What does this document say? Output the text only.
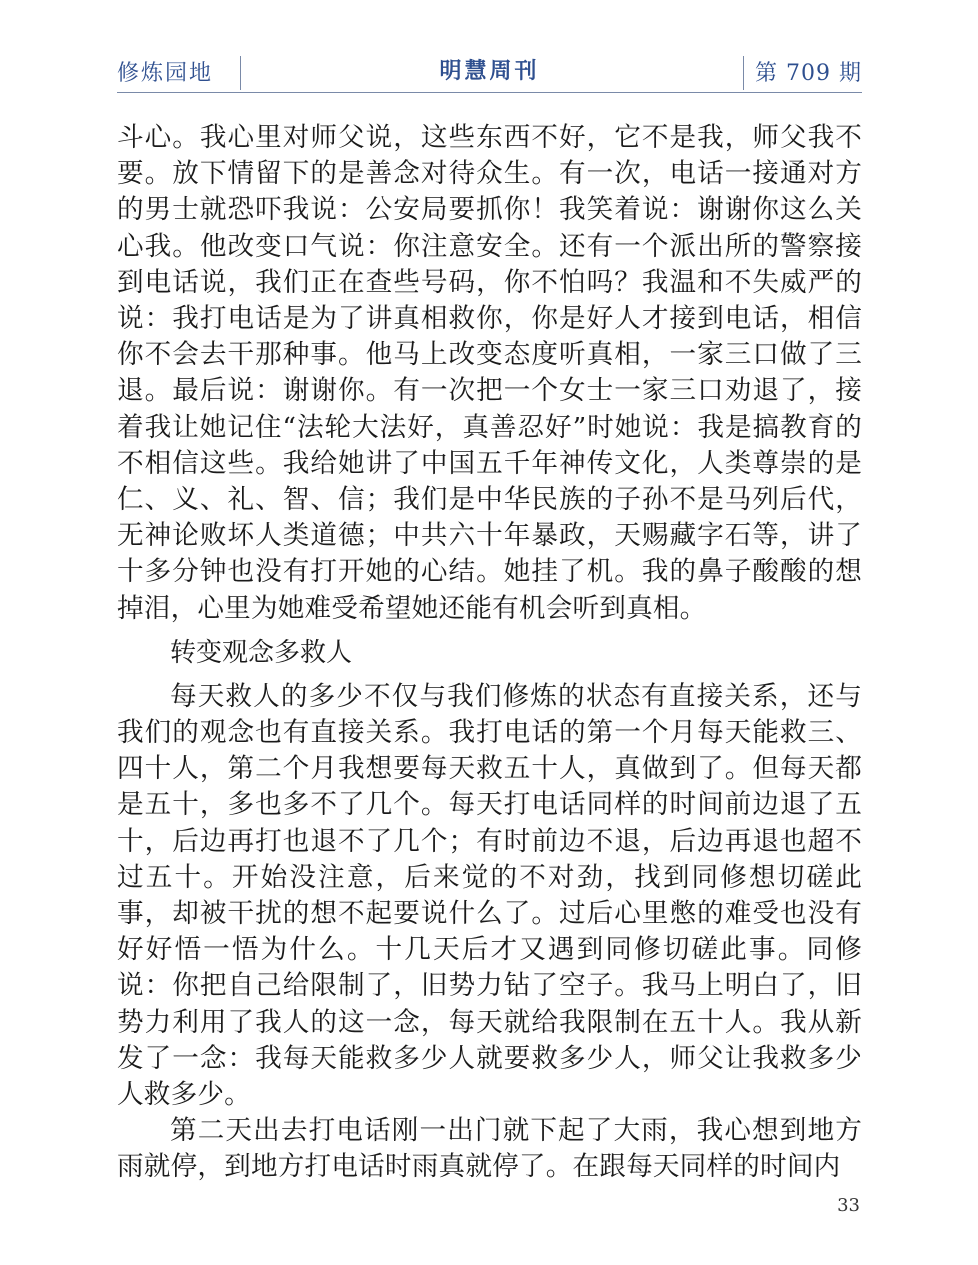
修炼园地	明慧周刊	第 709 期

斗心。我心里对师父说，这些东西不好，它不是我，师父我不要。放下情留下的是善念对待众生。有一次，电话一接通对方的男士就恐吓我说：公安局要抓你！我笑着说：谢谢你这么关心我。他改变口气说：你注意安全。还有一个派出所的警察接到电话说，我们正在查些号码，你不怕吗？我温和不失威严的说：我打电话是为了讲真相救你，你是好人才接到电话，相信你不会去干那种事。他马上改变态度听真相，一家三口做了三退。最后说：谢谢你。有一次把一个女士一家三口劝退了，接着我让她记住“法轮大法好，真善忍好”时她说：我是搞教育的不相信这些。我给她讲了中国五千年神传文化，人类尊崇的是仁、义、礼、智、信；我们是中华民族的子孙不是马列后代，无神论败坏人类道德；中共六十年暴政，天赐藏字石等，讲了十多分钟也没有打开她的心结。她挂了机。我的鼻子酸酸的想掉泪，心里为她难受希望她还能有机会听到真相。

转变观念多救人

每天救人的多少不仅与我们修炼的状态有直接关系，还与我们的观念也有直接关系。我打电话的第一个月每天能救三、四十人，第二个月我想要每天救五十人，真做到了。但每天都是五十，多也多不了几个。每天打电话同样的时间前边退了五十，后边再打也退不了几个；有时前边不退，后边再退也超不过五十。开始没注意，后来觉的不对劲，找到同修想切磋此事，却被干扰的想不起要说什么了。过后心里憋的难受也没有好好悟一悟为什么。十几天后才又遇到同修切磋此事。同修说：你把自己给限制了，旧势力钻了空子。我马上明白了，旧势力利用了我人的这一念，每天就给我限制在五十人。我从新发了一念：我每天能救多少人就要救多少人，师父让我救多少人救多少。

第二天出去打电话刚一出门就下起了大雨，我心想到地方雨就停，到地方打电话时雨真就停了。在跟每天同样的时间内

33
